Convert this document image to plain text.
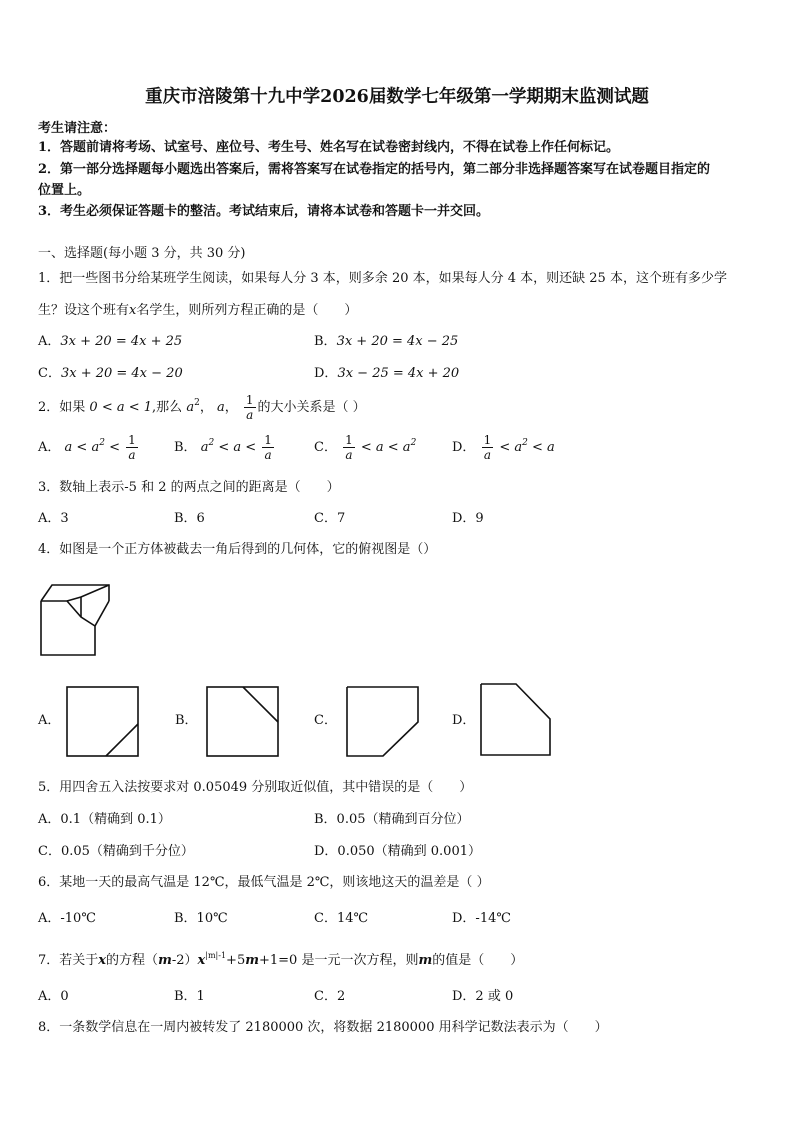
重庆市涪陵第十九中学2026届数学七年级第一学期期末监测试题
考生请注意：
1．答题前请将考场、试室号、座位号、考生号、姓名写在试卷密封线内，不得在试卷上作任何标记。
2．第一部分选择题每小题选出答案后，需将答案写在试卷指定的括号内，第二部分非选择题答案写在试卷题目指定的
位置上。
3．考生必须保证答题卡的整洁。考试结束后，请将本试卷和答题卡一并交回。
一、选择题(每小题 3 分，共 30 分)
1．把一些图书分给某班学生阅读，如果每人分 3 本，则多余 20 本，如果每人分 4 本，则还缺 25 本，这个班有多少学
生？设这个班有x名学生，则所列方程正确的是（　　）
A．3x + 20 = 4x + 25	B．3x + 20 = 4x − 25
C．3x + 20 = 4x − 20	D．3x − 25 = 4x + 20
2．如果 0 < a < 1,那么 $a^2$， a， $\frac{1}{a}$ 的大小关系是（ ）
A． $a < a^2 < \frac{1}{a}$	B． $a^2 < a < \frac{1}{a}$	C． $\frac{1}{a} < a < a^2$	D． $\frac{1}{a} < a^2 < a$
3．数轴上表示-5 和 2 的两点之间的距离是（　　）
A．3	B．6	C．7	D．9
4．如图是一个正方体被截去一角后得到的几何体，它的俯视图是（）
A．	B．	C．	D．
5．用四舍五入法按要求对 0.05049 分别取近似值，其中错误的是（　　）
A．0.1（精确到 0.1）	B．0.05（精确到百分位）
C．0.05（精确到千分位）	D．0.050（精确到 0.001）
6．某地一天的最高气温是 12℃，最低气温是 2℃，则该地这天的温差是（ ）
A．-10℃	B．10℃	C．14℃	D．-14℃
7．若关于x的方程$(m-2)x^{|m|-1}+5m+1=0$ 是一元一次方程，则m的值是（　　）
A．0	B．1	C．2	D．2 或 0
8．一条数学信息在一周内被转发了 2180000 次，将数据 2180000 用科学记数法表示为（　　）
